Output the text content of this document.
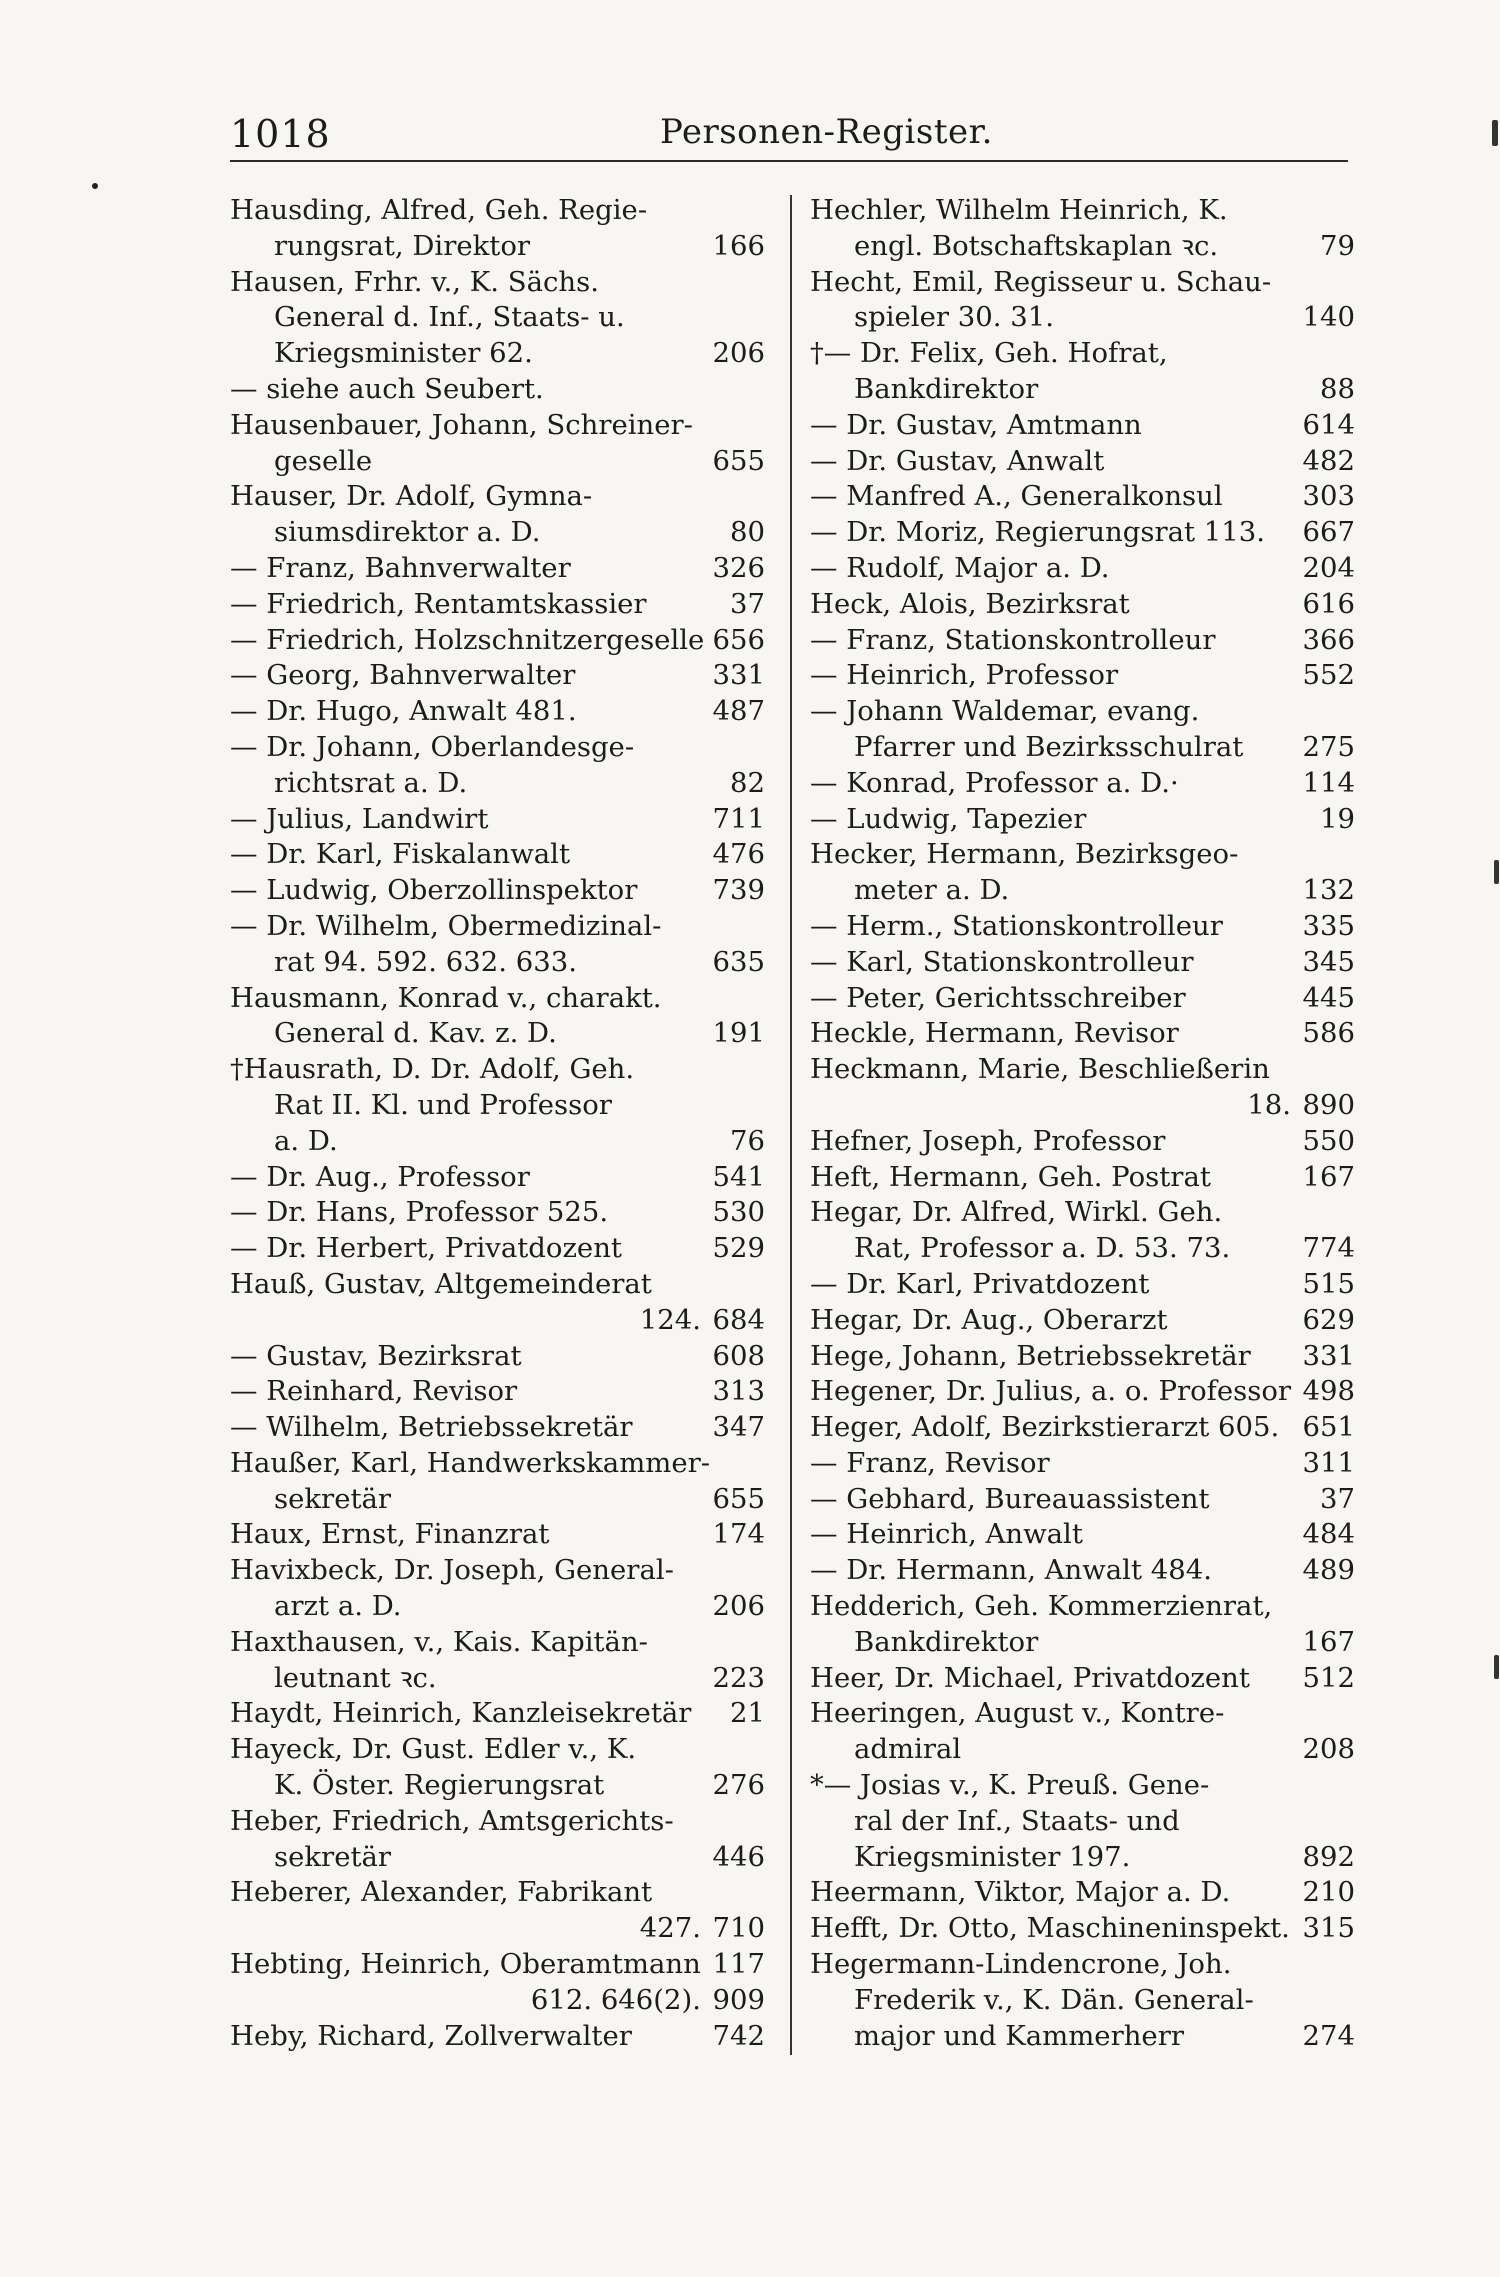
1018	Personen-Register.
Hausding, Alfred, Geh. Regie-
rungsrat, Direktor	166
Hausen, Frhr. v., K. Sächs.
General d. Inf., Staats- u.
Kriegsminister 62.	206
— siehe auch Seubert.
Hausenbauer, Johann, Schreiner-
geselle	655
Hauser, Dr. Adolf, Gymna-
siumsdirektor a. D.	80
— Franz, Bahnverwalter	326
— Friedrich, Rentamtskassier	37
— Friedrich, Holzschnitzergeselle 656
— Georg, Bahnverwalter	331
— Dr. Hugo, Anwalt 481.	487
— Dr. Johann, Oberlandesge-
richtsrat a. D.	82
— Julius, Landwirt	711
— Dr. Karl, Fiskalanwalt	476
— Ludwig, Oberzollinspektor	739
— Dr. Wilhelm, Obermedizinal-
rat 94. 592. 632. 633.	635
Hausmann, Konrad v., charakt.
General d. Kav. z. D.	191
†Hausrath, D. Dr. Adolf, Geh.
Rat II. Kl. und Professor
a. D.	76
— Dr. Aug., Professor	541
— Dr. Hans, Professor 525.	530
— Dr. Herbert, Privatdozent	529
Hauß, Gustav, Altgemeinderat
124. 684
— Gustav, Bezirksrat	608
— Reinhard, Revisor	313
— Wilhelm, Betriebssekretär	347
Haußer, Karl, Handwerkskammer-
sekretär	655
Haux, Ernst, Finanzrat	174
Havixbeck, Dr. Joseph, General-
arzt a. D.	206
Haxthausen, v., Kais. Kapitän-
leutnant ꝛc.	223
Haydt, Heinrich, Kanzleisekretär 21
Hayeck, Dr. Gust. Edler v., K.
K. Öster. Regierungsrat	276
Heber, Friedrich, Amtsgerichts-
sekretär	446
Heberer, Alexander, Fabrikant
427. 710
Hebting, Heinrich, Oberamtmann 117
612. 646(2). 909
Heby, Richard, Zollverwalter	742
Hechler, Wilhelm Heinrich, K.
engl. Botschaftskaplan ꝛc.	79
Hecht, Emil, Regisseur u. Schau-
spieler 30. 31.	140
†— Dr. Felix, Geh. Hofrat,
Bankdirektor	88
— Dr. Gustav, Amtmann	614
— Dr. Gustav, Anwalt	482
— Manfred A., Generalkonsul	303
— Dr. Moriz, Regierungsrat 113. 667
— Rudolf, Major a. D.	204
Heck, Alois, Bezirksrat	616
— Franz, Stationskontrolleur	366
— Heinrich, Professor	552
— Johann Waldemar, evang.
Pfarrer und Bezirksschulrat 275
— Konrad, Professor a. D.·	114
— Ludwig, Tapezier	19
Hecker, Hermann, Bezirksgeo-
meter a. D.	132
— Herm., Stationskontrolleur	335
— Karl, Stationskontrolleur	345
— Peter, Gerichtsschreiber	445
Heckle, Hermann, Revisor	586
Heckmann, Marie, Beschließerin
18. 890
Hefner, Joseph, Professor	550
Heft, Hermann, Geh. Postrat	167
Hegar, Dr. Alfred, Wirkl. Geh.
Rat, Professor a. D. 53. 73.	774
— Dr. Karl, Privatdozent	515
Hegar, Dr. Aug., Oberarzt	629
Hege, Johann, Betriebssekretär 331
Hegener, Dr. Julius, a. o. Professor 498
Heger, Adolf, Bezirkstierarzt 605. 651
— Franz, Revisor	311
— Gebhard, Bureauassistent	37
— Heinrich, Anwalt	484
— Dr. Hermann, Anwalt 484.	489
Hedderich, Geh. Kommerzienrat,
Bankdirektor	167
Heer, Dr. Michael, Privatdozent 512
Heeringen, August v., Kontre-
admiral	208
*— Josias v., K. Preuß. Gene-
ral der Inf., Staats- und
Kriegsminister 197.	892
Heermann, Viktor, Major a. D.	210
Hefft, Dr. Otto, Maschineninspekt. 315
Hegermann-Lindencrone, Joh.
Frederik v., K. Dän. General-
major und Kammerherr	274
